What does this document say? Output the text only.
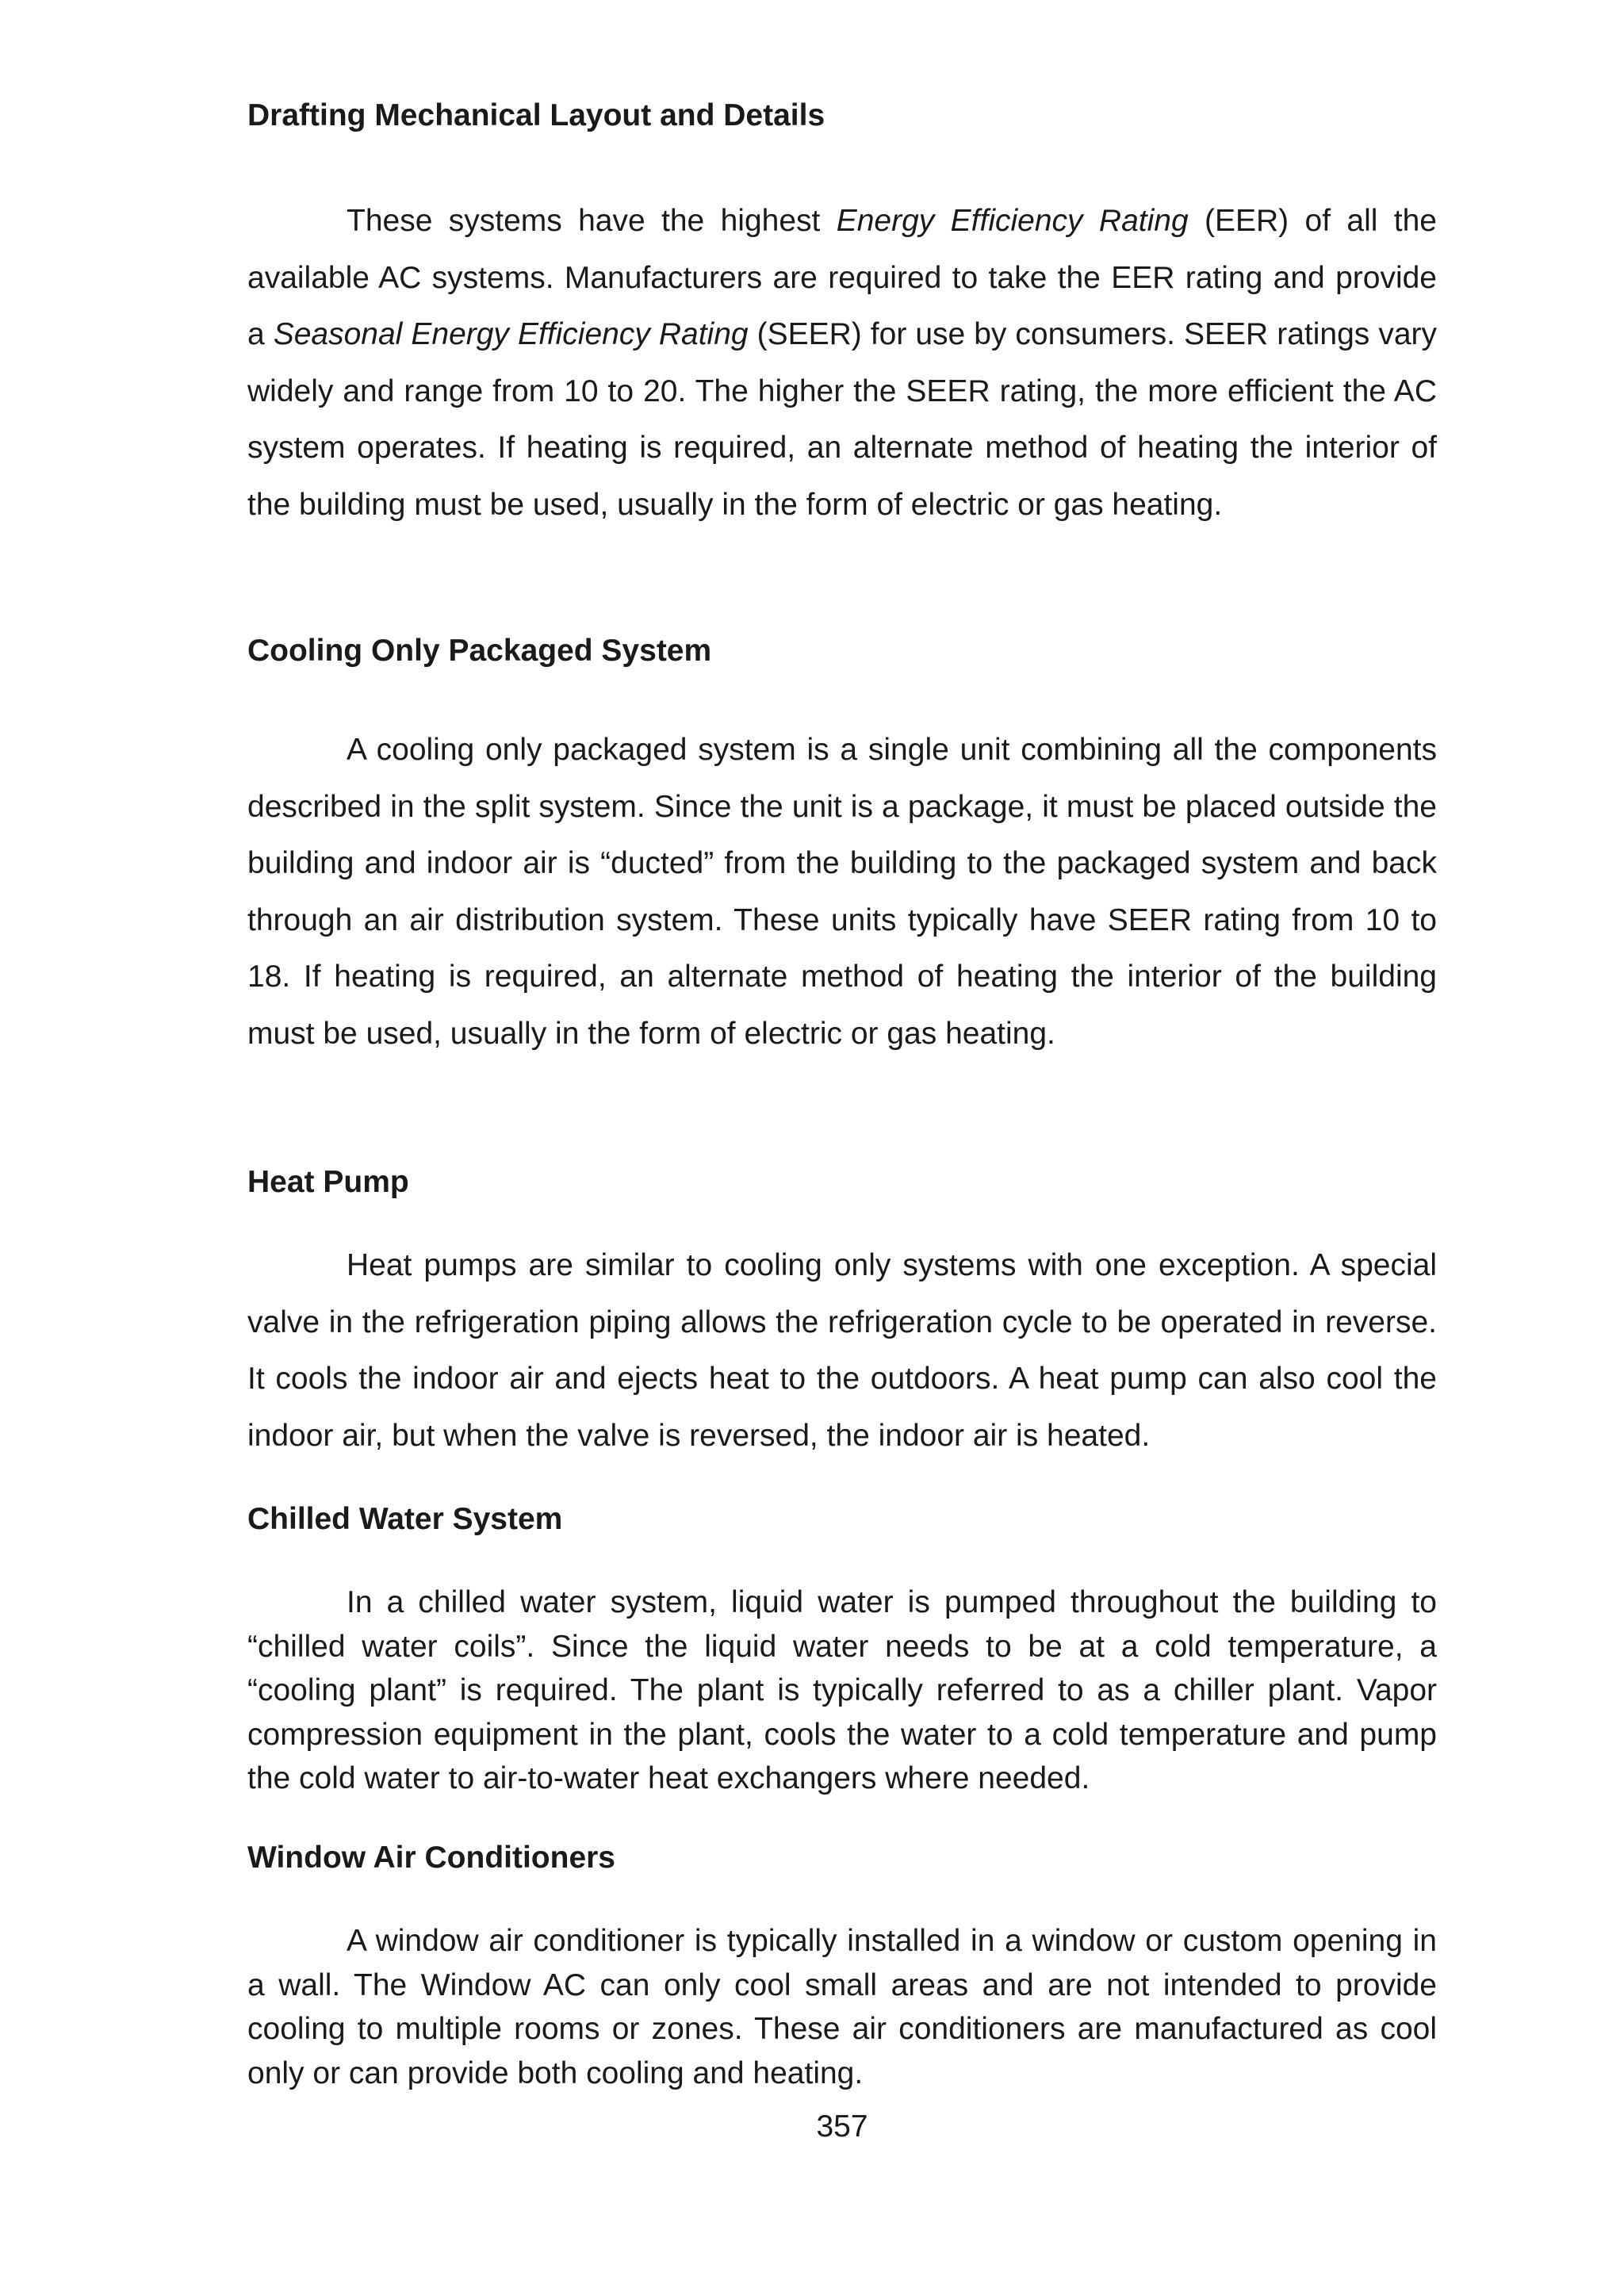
Drafting Mechanical Layout and Details

These systems have the highest Energy Efficiency Rating (EER) of all the available AC systems. Manufacturers are required to take the EER rating and provide a Seasonal Energy Efficiency Rating (SEER) for use by consumers. SEER ratings vary widely and range from 10 to 20. The higher the SEER rating, the more efficient the AC system operates. If heating is required, an alternate method of heating the interior of the building must be used, usually in the form of electric or gas heating.

Cooling Only Packaged System

A cooling only packaged system is a single unit combining all the components described in the split system. Since the unit is a package, it must be placed outside the building and indoor air is “ducted” from the building to the packaged system and back through an air distribution system. These units typically have SEER rating from 10 to 18. If heating is required, an alternate method of heating the interior of the building must be used, usually in the form of electric or gas heating.

Heat Pump

Heat pumps are similar to cooling only systems with one exception. A special valve in the refrigeration piping allows the refrigeration cycle to be operated in reverse. It cools the indoor air and ejects heat to the outdoors. A heat pump can also cool the indoor air, but when the valve is reversed, the indoor air is heated.

Chilled Water System

In a chilled water system, liquid water is pumped throughout the building to “chilled water coils”. Since the liquid water needs to be at a cold temperature, a “cooling plant” is required. The plant is typically referred to as a chiller plant. Vapor compression equipment in the plant, cools the water to a cold temperature and pump the cold water to air-to-water heat exchangers where needed.

Window Air Conditioners

A window air conditioner is typically installed in a window or custom opening in a wall. The Window AC can only cool small areas and are not intended to provide cooling to multiple rooms or zones. These air conditioners are manufactured as cool only or can provide both cooling and heating.

357
